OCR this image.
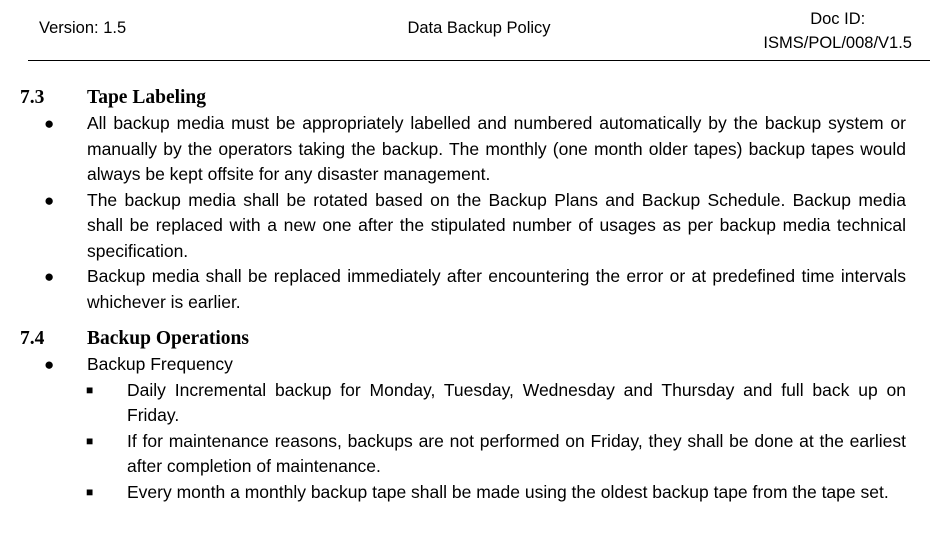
Version: 1.5	Data Backup Policy	Doc ID:
ISMS/POL/008/V1.5
7.3 Tape Labeling
● All backup media must be appropriately labelled and numbered automatically by the backup system or manually by the operators taking the backup. The monthly (one month older tapes) backup tapes would always be kept offsite for any disaster management.
● The backup media shall be rotated based on the Backup Plans and Backup Schedule. Backup media shall be replaced with a new one after the stipulated number of usages as per backup media technical specification.
● Backup media shall be replaced immediately after encountering the error or at predefined time intervals whichever is earlier.
7.4 Backup Operations
● Backup Frequency
■ Daily Incremental backup for Monday, Tuesday, Wednesday and Thursday and full back up on Friday.
■ If for maintenance reasons, backups are not performed on Friday, they shall be done at the earliest after completion of maintenance.
■ Every month a monthly backup tape shall be made using the oldest backup tape from the tape set.
